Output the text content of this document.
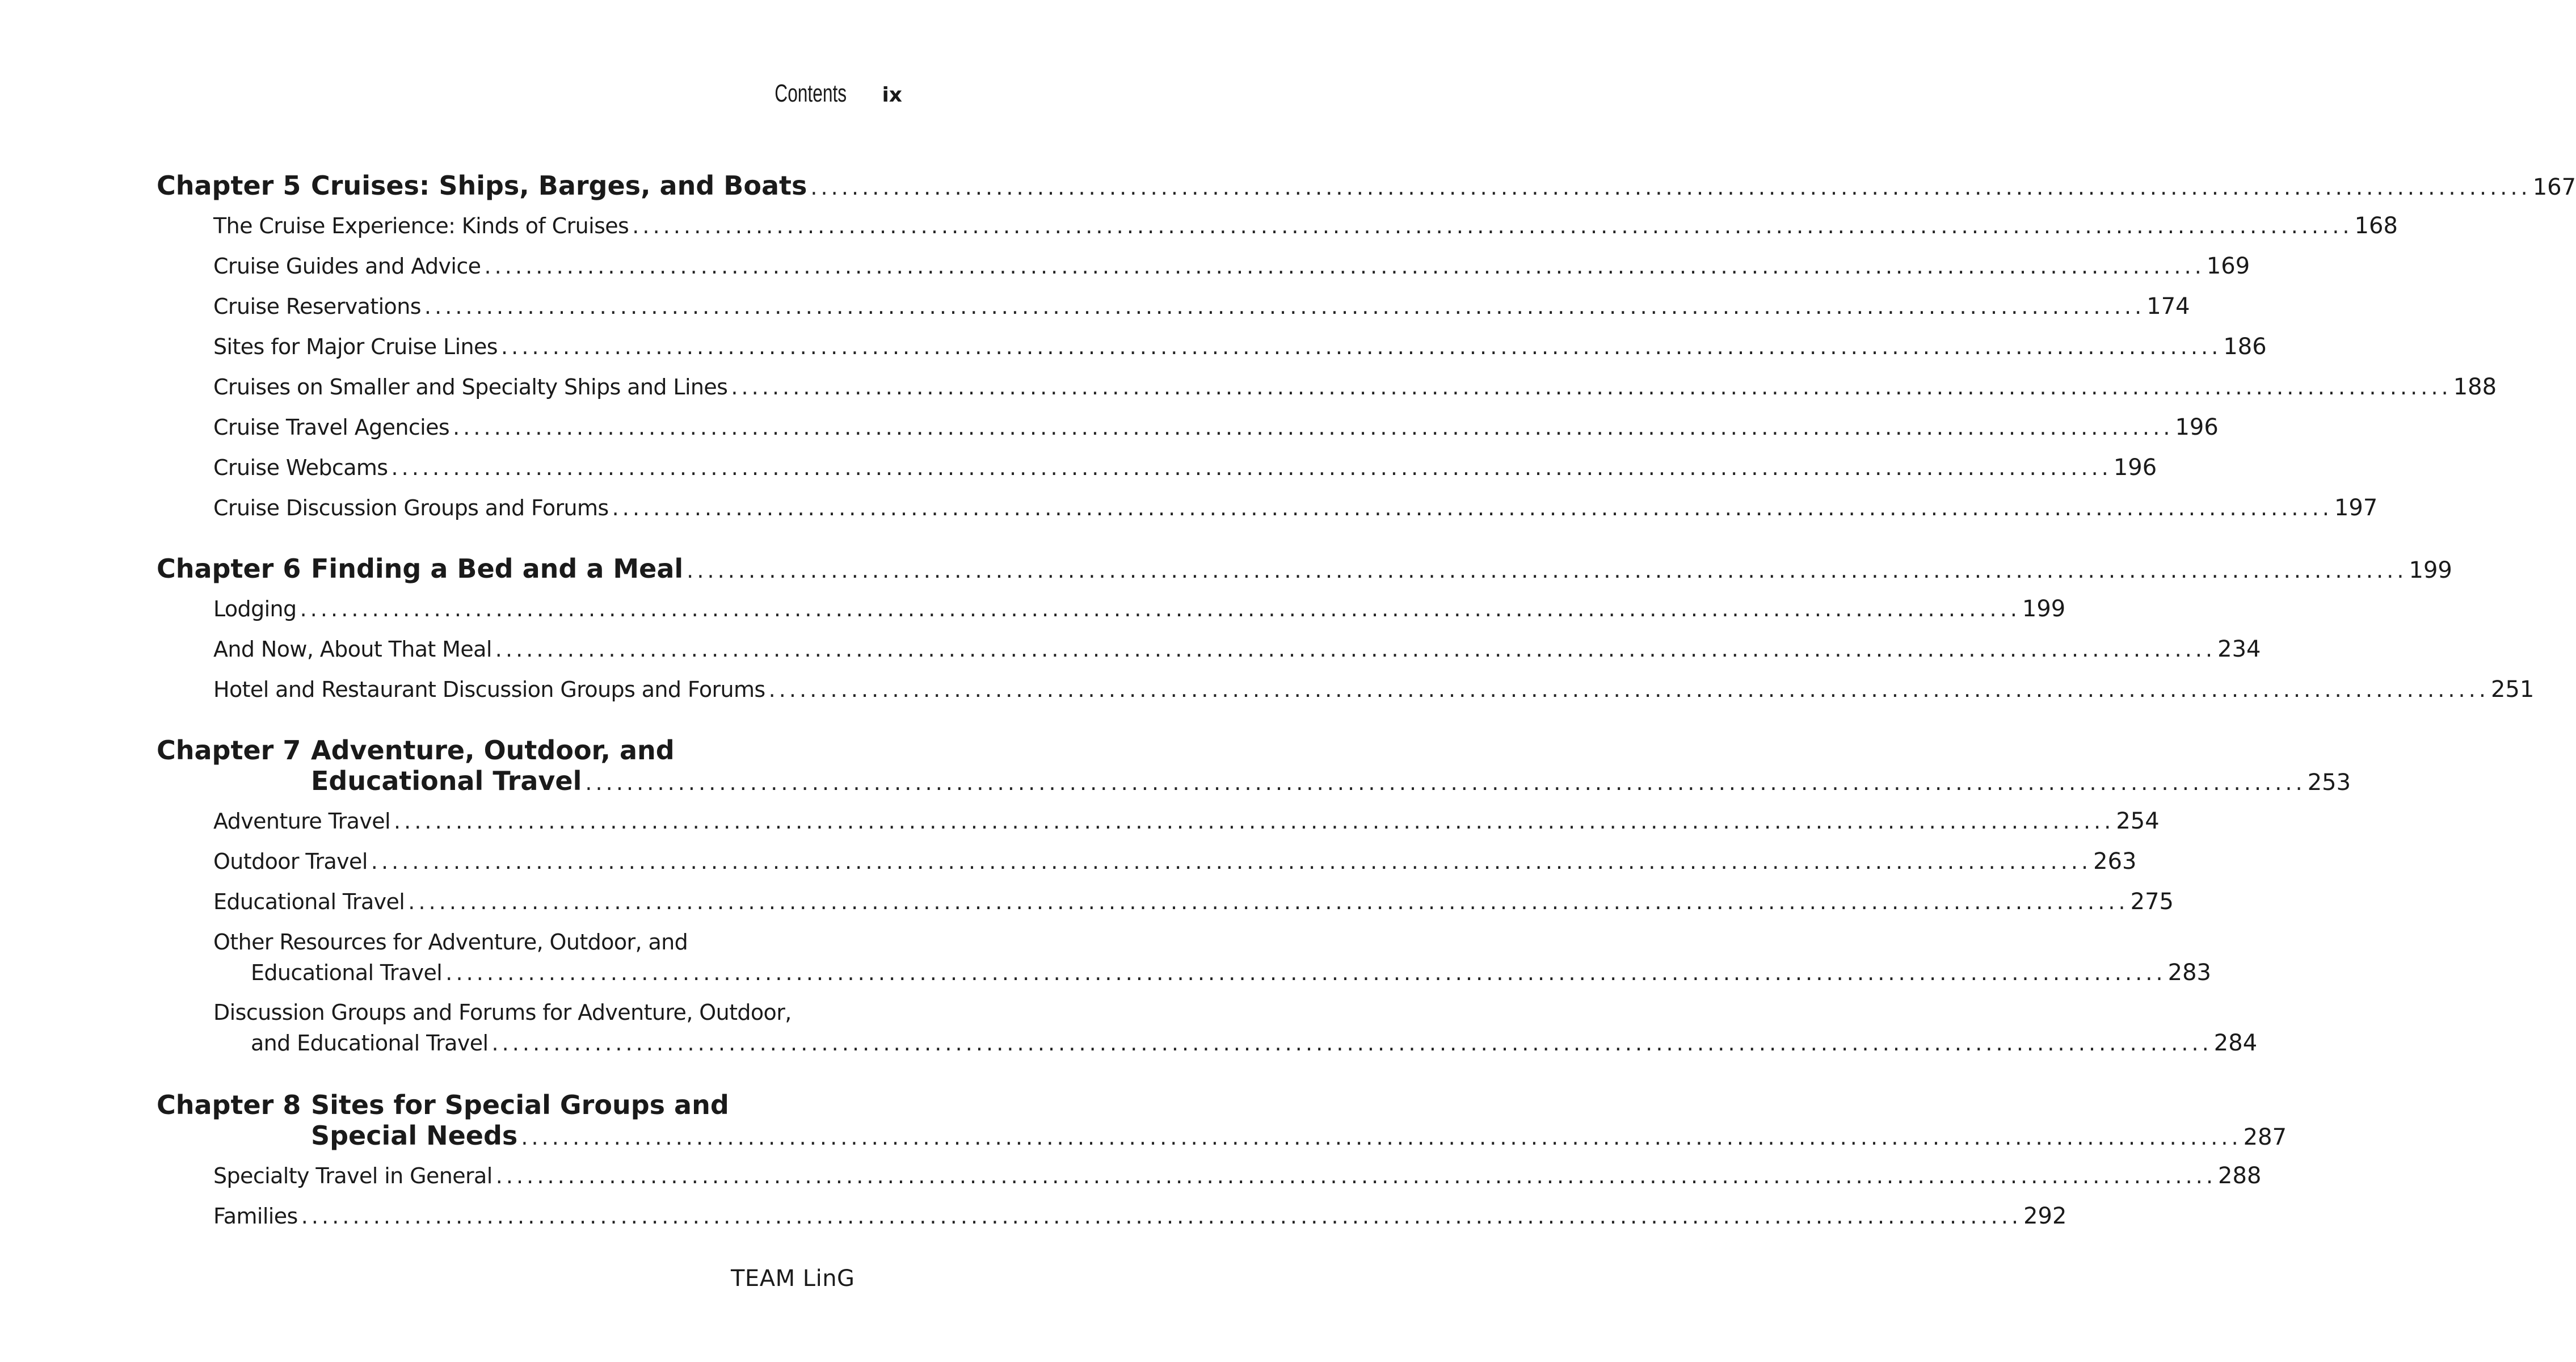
Contents ix
Chapter 5 Cruises: Ships, Barges, and Boats . . .	167
The Cruise Experience: Kinds of Cruises . . .	168
Cruise Guides and Advice . . .	169
Cruise Reservations . . .	174
Sites for Major Cruise Lines . . .	186
Cruises on Smaller and Specialty Ships and Lines . . .	188
Cruise Travel Agencies . . .	196
Cruise Webcams . . .	196
Cruise Discussion Groups and Forums . . .	197
Chapter 6 Finding a Bed and a Meal . . .	199
Lodging . . .	199
And Now, About That Meal . . .	234
Hotel and Restaurant Discussion Groups and Forums . . .	251
Chapter 7 Adventure, Outdoor, and
Educational Travel . . .	253
Adventure Travel . . .	254
Outdoor Travel . . .	263
Educational Travel . . .	275
Other Resources for Adventure, Outdoor, and
Educational Travel . . .	283
Discussion Groups and Forums for Adventure, Outdoor,
and Educational Travel . . .	284
Chapter 8 Sites for Special Groups and
Special Needs . . .	287
Specialty Travel in General . . .	288
Families . . .	292
TEAM LinG
